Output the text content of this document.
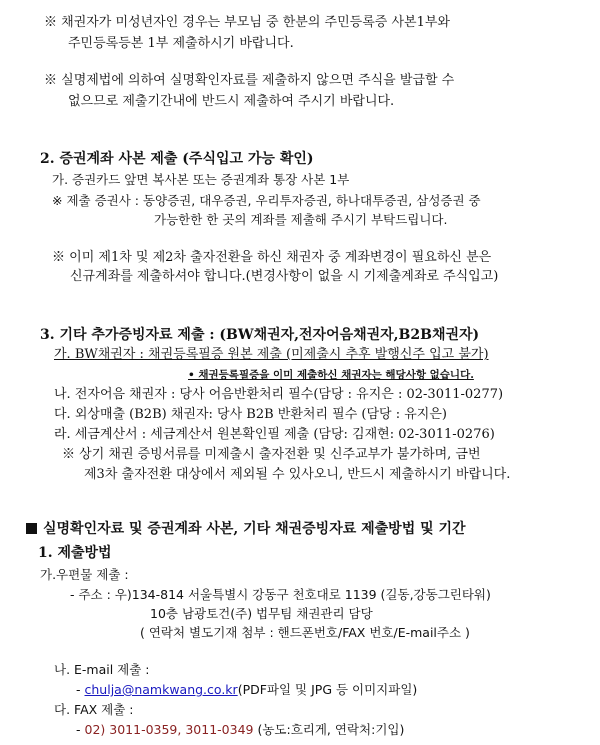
※ 채권자가 미성년자인 경우는 부모님 중 한분의 주민등록증 사본1부와
주민등록등본 1부 제출하시기 바랍니다.
※ 실명제법에 의하여 실명확인자료를 제출하지 않으면 주식을 발급할 수
없으므로 제출기간내에 반드시 제출하여 주시기 바랍니다.
2. 증권계좌 사본 제출 (주식입고 가능 확인)
가. 증권카드 앞면 복사본 또는 증권계좌 통장 사본 1부
※ 제출 증권사 : 동양증권, 대우증권, 우리투자증권, 하나대투증권, 삼성증권 중
가능한한 한 곳의 계좌를 제출해 주시기 부탁드립니다.
※ 이미 제1차 및 제2차 출자전환을 하신 채권자 중 계좌변경이 필요하신 분은
신규계좌를 제출하셔야 합니다.(변경사항이 없을 시 기제출계좌로 주식입고)
3. 기타 추가증빙자료 제출 : (BW채권자,전자어음채권자,B2B채권자)
가. BW채권자 : 채권등록필증 원본 제출 (미제출시 추후 발행신주 입고 불가)
• 채권등록필증을 이미 제출하신 채권자는 해당사항 없습니다.
나. 전자어음 채권자 : 당사 어음반환처리 필수(담당 : 유지은 : 02-3011-0277)
다. 외상매출 (B2B) 채권자: 당사 B2B 반환처리 필수 (담당 : 유지은)
라. 세금계산서 : 세금계산서 원본확인필 제출 (담당: 김재현: 02-3011-0276)
※ 상기 채권 증빙서류를 미제출시 출자전환 및 신주교부가 불가하며, 금번
제3차 출자전환 대상에서 제외될 수 있사오니, 반드시 제출하시기 바랍니다.
실명확인자료 및 증권계좌 사본, 기타 채권증빙자료 제출방법 및 기간
1. 제출방법
가.우편물 제출 :
- 주소 : 우)134-814 서울특별시 강동구 천호대로 1139 (길동,강동그린타워)
10층 남광토건(주) 법무팀 채권관리 담당
( 연락처 별도기재 첨부 : 핸드폰번호/FAX 번호/E-mail주소 )
나. E-mail 제출 :
- chulja@namkwang.co.kr(PDF파일 및 JPG 등 이미지파일)
다. FAX 제출 :
- 02) 3011-0359, 3011-0349 (농도:흐리게, 연락처:기입)
